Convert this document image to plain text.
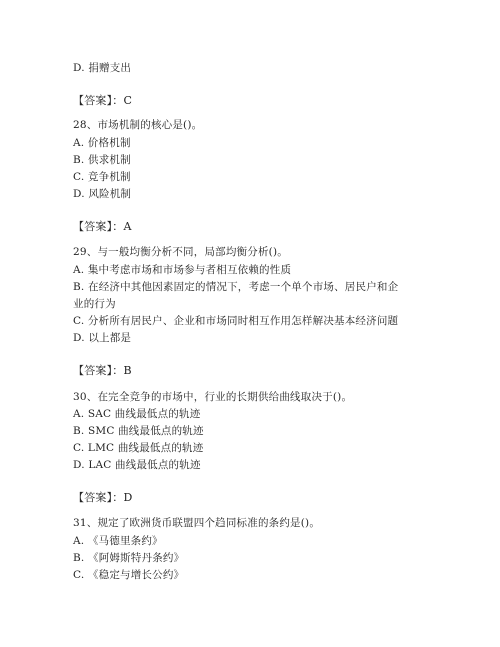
D. 捐赠支出
【答案】：C
28、市场机制的核心是()。
A. 价格机制
B. 供求机制
C. 竞争机制
D. 风险机制
【答案】：A
29、与一般均衡分析不同，局部均衡分析()。
A. 集中考虑市场和市场参与者相互依赖的性质
B. 在经济中其他因素固定的情况下，考虑一个单个市场、居民户和企
业的行为
C. 分析所有居民户、企业和市场同时相互作用怎样解决基本经济问题
D. 以上都是
【答案】：B
30、在完全竞争的市场中，行业的长期供给曲线取决于()。
A. SAC 曲线最低点的轨迹
B. SMC 曲线最低点的轨迹
C. LMC 曲线最低点的轨迹
D. LAC 曲线最低点的轨迹
【答案】：D
31、规定了欧洲货币联盟四个趋同标准的条约是()。
A. 《马德里条约》
B. 《阿姆斯特丹条约》
C. 《稳定与增长公约》
